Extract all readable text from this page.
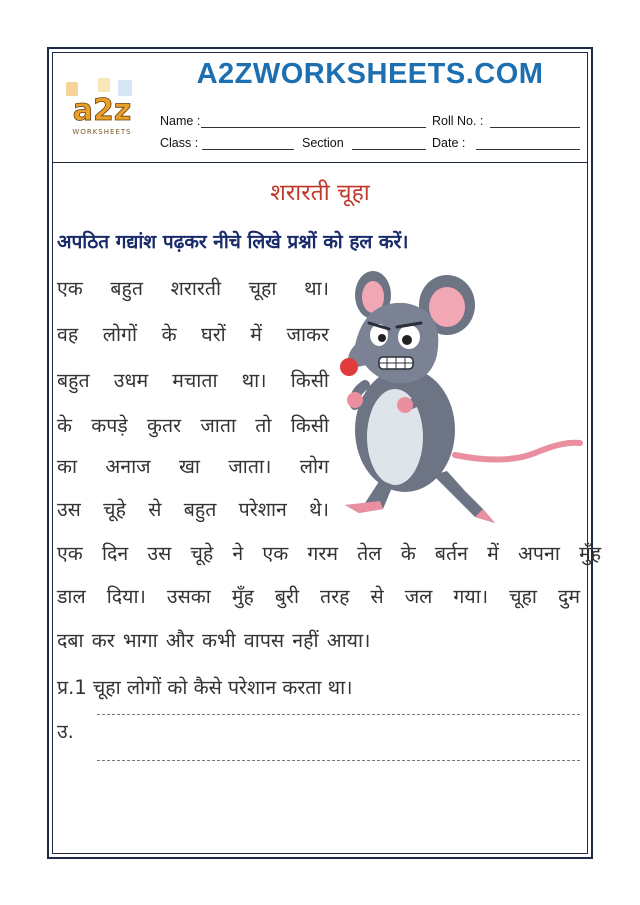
a2z
WORKSHEETS
A2ZWORKSHEETS.COM
Name :	Roll No. :
Class :	Section	Date :
शरारती चूहा
अपठित गद्यांश पढ़कर नीचे लिखे प्रश्नों को हल करें।
एक बहुत शरारती चूहा था।
वह लोगों के घरों में जाकर
बहुत उधम मचाता था। किसी
के कपड़े कुतर जाता तो किसी
का अनाज खा जाता। लोग
उस चूहे से बहुत परेशान थे।
एक दिन उस चूहे ने एक गरम तेल के बर्तन में अपना मुँह
डाल दिया। उसका मुँह बुरी तरह से जल गया। चूहा दुम
दबा कर भागा और कभी वापस नहीं आया।
प्र.1 चूहा लोगों को कैसे परेशान करता था।
उ.
